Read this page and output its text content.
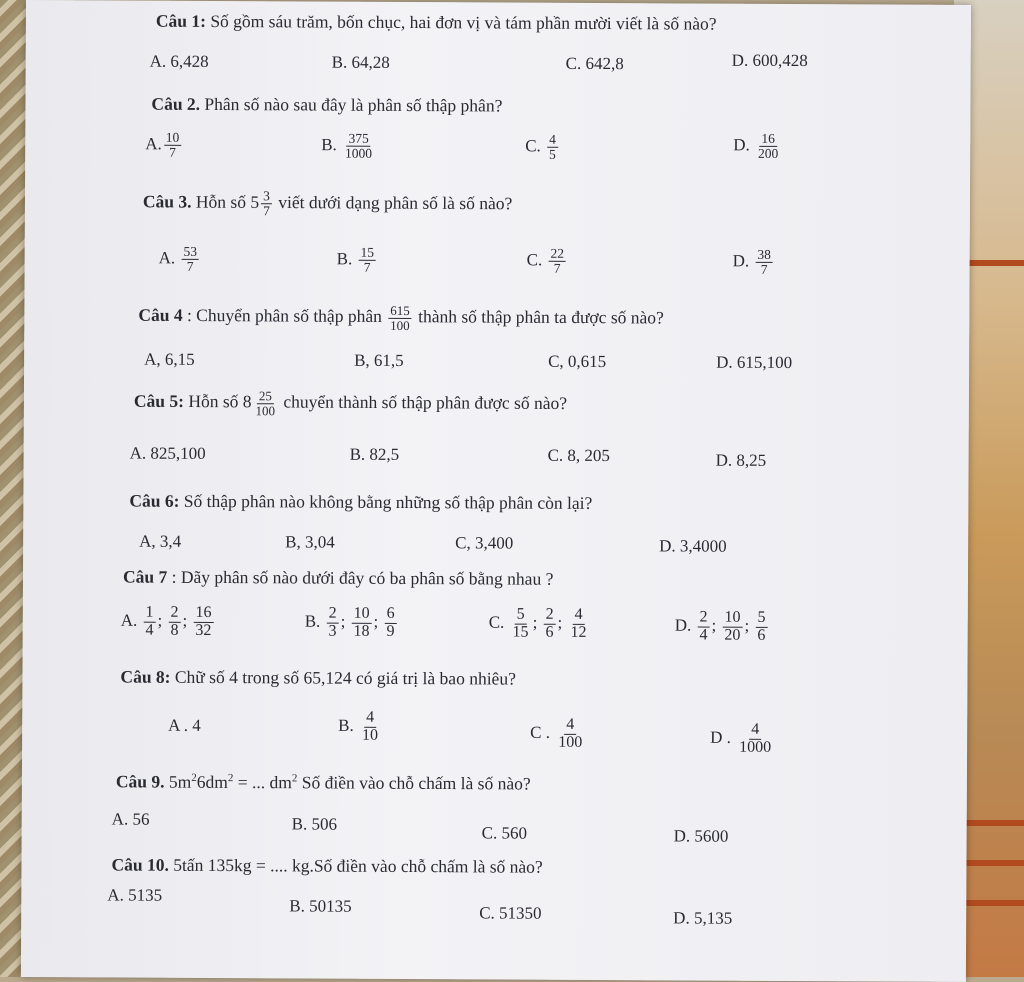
Câu 1: Số gồm sáu trăm, bốn chục, hai đơn vị và tám phần mười viết là số nào?
A. 6,428	B. 64,28	C. 642,8	D. 600,428
Câu 2. Phân số nào sau đây là phân số thập phân?
A. $\frac{10}{7}$	B. $\frac{375}{1000}$	C. $\frac{4}{5}$	D. $\frac{16}{200}$
Câu 3. Hỗn số $5 \frac{3}{7}$ viết dưới dạng phân số là số nào?
A. $\frac{53}{7}$	B. $\frac{15}{7}$	C. $\frac{22}{7}$	D. $\frac{38}{7}$
Câu 4 : Chuyển phân số thập phân $\frac{615}{100}$ thành số thập phân ta được số nào?
A, 6,15	B, 61,5	C, 0,615	D. 615,100
Câu 5: Hỗn số $8 \frac{25}{100}$ chuyển thành số thập phân được số nào?
A. 825,100	B. 82,5	C. 8, 205	D. 8,25
Câu 6: Số thập phân nào không bằng những số thập phân còn lại?
A, 3,4	B, 3,04	C, 3,400	D. 3,4000
Câu 7 : Dãy phân số nào dưới đây có ba phân số bằng nhau ?
A. $\frac{1}{4}$ ; $\frac{2}{8}$ ; $\frac{16}{32}$	B. $\frac{2}{3}$ ; $\frac{10}{18}$ ; $\frac{6}{9}$	C. $\frac{5}{15}$ ; $\frac{2}{6}$ ; $\frac{4}{12}$	D. $\frac{2}{4}$ ; $\frac{10}{20}$ ; $\frac{5}{6}$
Câu 8: Chữ số 4 trong số 65,124 có giá trị là bao nhiêu?
A . 4	B. $\frac{4}{10}$	C . $\frac{4}{100}$	D . $\frac{4}{1000}$
Câu 9. $5m^26dm^2$ = ... $dm^2$ Số điền vào chỗ chấm là số nào?
A. 56	B. 506	C. 560	D. 5600
Câu 10. 5tấn 135kg = .... kg.Số điền vào chỗ chấm là số nào?
A. 5135
B. 50135	C. 51350	D. 5,135
